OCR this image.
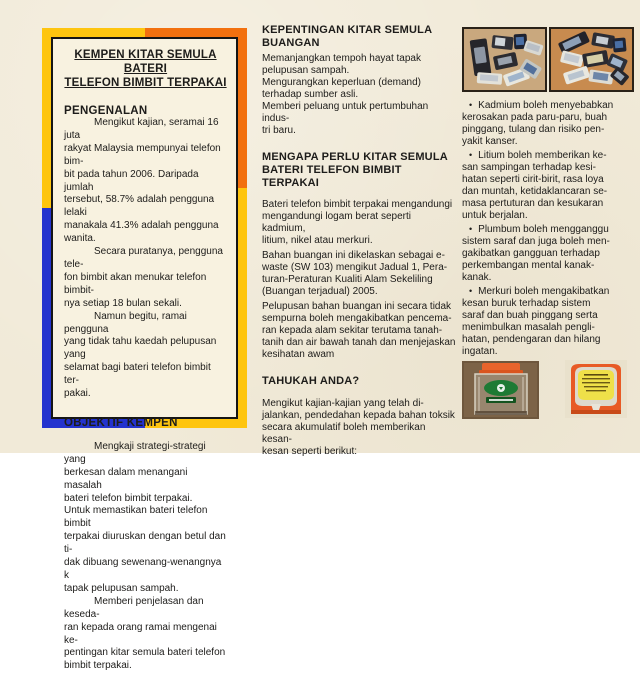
KEMPEN KITAR SEMULA BATERI
TELEFON BIMBIT TERPAKAI

PENGENALAN

Mengikut kajian, seramai 16 juta
rakyat Malaysia mempunyai telefon bim-
bit pada tahun 2006. Daripada jumlah
tersebut, 58.7% adalah pengguna lelaki
manakala 41.3% adalah pengguna
wanita.

Secara puratanya, pengguna tele-
fon bimbit akan menukar telefon bimbit-
nya setiap 18 bulan sekali.

Namun begitu, ramai pengguna
yang tidak tahu kaedah pelupusan yang
selamat bagi bateri telefon bimbit ter-
pakai.

OBJEKTIF KEMPEN

Mengkaji strategi-strategi yang
berkesan dalam menangani masalah
bateri telefon bimbit terpakai.

Untuk memastikan bateri telefon bimbit
terpakai diuruskan dengan betul dan ti-
dak dibuang sewenang-wenangnya k
tapak pelupusan sampah.

Memberi penjelasan dan keseda-
ran kepada orang ramai mengenai ke-
pentingan kitar semula bateri telefon
bimbit terpakai.

KEPENTINGAN KITAR SEMULA
BUANGAN

Memanjangkan tempoh hayat tapak
pelupusan sampah.
Mengurangkan keperluan (demand)
terhadap sumber asli.
Memberi peluang untuk pertumbuhan indus-
tri baru.

MENGAPA PERLU KITAR SEMULA
BATERI TELEFON BIMBIT TERPAKAI

Bateri telefon bimbit terpakai mengandungi
mengandungi logam berat seperti kadmium,
litium, nikel atau merkuri.

Bahan buangan ini dikelaskan sebagai e-
waste (SW 103) mengikut Jadual 1, Pera-
turan-Peraturan Kualiti Alam Sekeliling
(Buangan terjadual) 2005.

Pelupusan bahan buangan ini secara tidak
sempurna boleh mengakibatkan pencema-
ran kepada alam sekitar terutama tanah-
tanih dan air bawah tanah dan menjejaskan
kesihatan awam

TAHUKAH ANDA?

Mengikut kajian-kajian yang telah di-
jalankan, pendedahan kepada bahan toksik
secara akumulatif boleh memberikan kesan-
kesan seperti berikut:

• Kadmium boleh menyebabkan
kerosakan pada paru-paru, buah
pinggang, tulang dan risiko pen-
yakit kanser.

• Litium boleh memberikan ke-
san sampingan terhadap kesi-
hatan seperti cirit-birit, rasa loya
dan muntah, ketidaklancaran se-
masa pertuturan dan kesukaran
untuk berjalan.

• Plumbum boleh mengganggu
sistem saraf dan juga boleh men-
gakibatkan gangguan terhadap
perkembangan mental kanak-
kanak.

• Merkuri boleh mengakibatkan
kesan buruk terhadap sistem
saraf dan buah pinggang serta
menimbulkan masalah pengli-
hatan, pendengaran dan hilang
ingatan.
